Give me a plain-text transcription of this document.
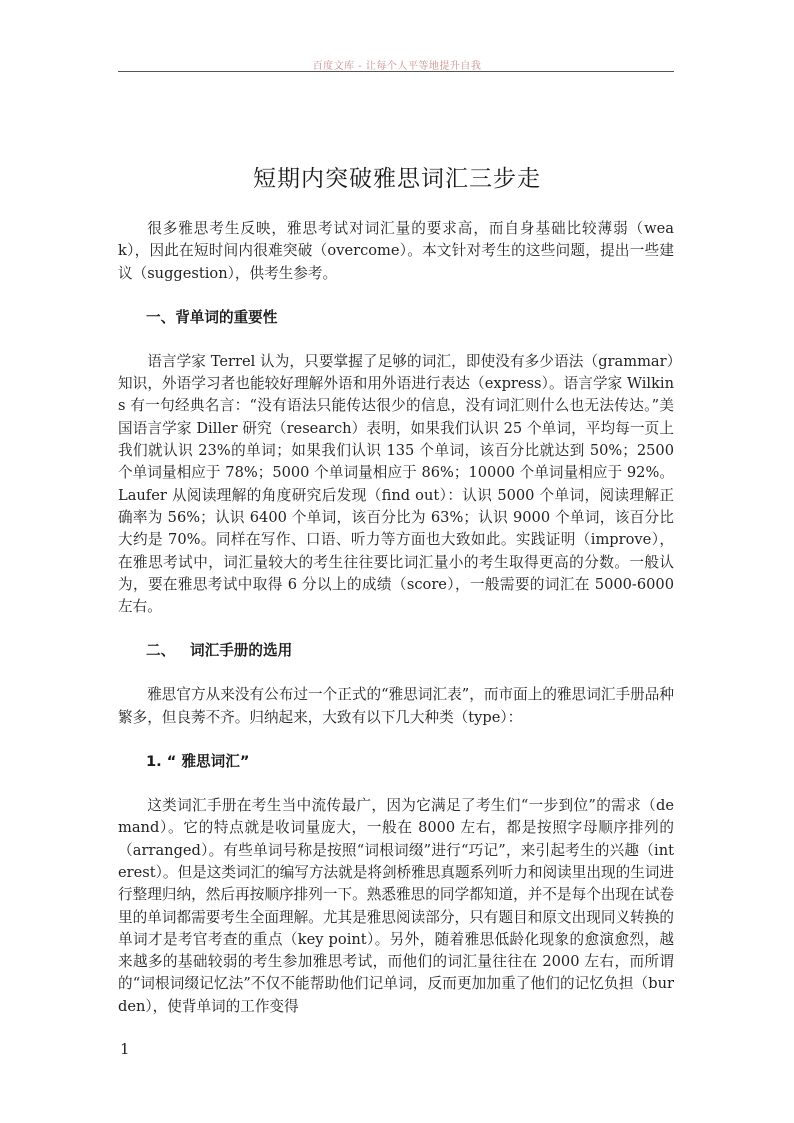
百度文库 - 让每个人平等地提升自我
短期内突破雅思词汇三步走

很多雅思考生反映，雅思考试对词汇量的要求高，而自身基础比较薄弱（weak），因此在短时间内很难突破（overcome）。本文针对考生的这些问题，提出一些建议（suggestion），供考生参考。

一、背单词的重要性

语言学家 Terrel 认为，只要掌握了足够的词汇，即使没有多少语法（grammar）知识，外语学习者也能较好理解外语和用外语进行表达（express）。语言学家 Wilkins 有一句经典名言：“没有语法只能传达很少的信息，没有词汇则什么也无法传达。”美国语言学家 Diller 研究（research）表明，如果我们认识 25 个单词，平均每一页上我们就认识 23%的单词；如果我们认识 135 个单词，该百分比就达到 50%；2500 个单词量相应于 78%；5000 个单词量相应于 86%；10000 个单词量相应于 92%。Laufer 从阅读理解的角度研究后发现（find out）：认识 5000 个单词，阅读理解正确率为 56%；认识 6400 个单词，该百分比为 63%；认识 9000 个单词，该百分比大约是 70%。同样在写作、口语、听力等方面也大致如此。实践证明（improve），在雅思考试中，词汇量较大的考生往往要比词汇量小的考生取得更高的分数。一般认为，要在雅思考试中取得 6 分以上的成绩（score），一般需要的词汇在 5000-6000 左右。

二、 词汇手册的选用

雅思官方从来没有公布过一个正式的“雅思词汇表”，而市面上的雅思词汇手册品种繁多，但良莠不齐。归纳起来，大致有以下几大种类（type）：

1. “ 雅思词汇”

这类词汇手册在考生当中流传最广，因为它满足了考生们“一步到位”的需求（demand）。它的特点就是收词量庞大，一般在 8000 左右，都是按照字母顺序排列的（arranged）。有些单词号称是按照“词根词缀”进行“巧记”，来引起考生的兴趣（interest）。但是这类词汇的编写方法就是将剑桥雅思真题系列听力和阅读里出现的生词进行整理归纳，然后再按顺序排列一下。熟悉雅思的同学都知道，并不是每个出现在试卷里的单词都需要考生全面理解。尤其是雅思阅读部分，只有题目和原文出现同义转换的单词才是考官考查的重点（key point）。另外，随着雅思低龄化现象的愈演愈烈，越来越多的基础较弱的考生参加雅思考试，而他们的词汇量往往在 2000 左右，而所谓的“词根词缀记忆法”不仅不能帮助他们记单词，反而更加加重了他们的记忆负担（burden），使背单词的工作变得

1
